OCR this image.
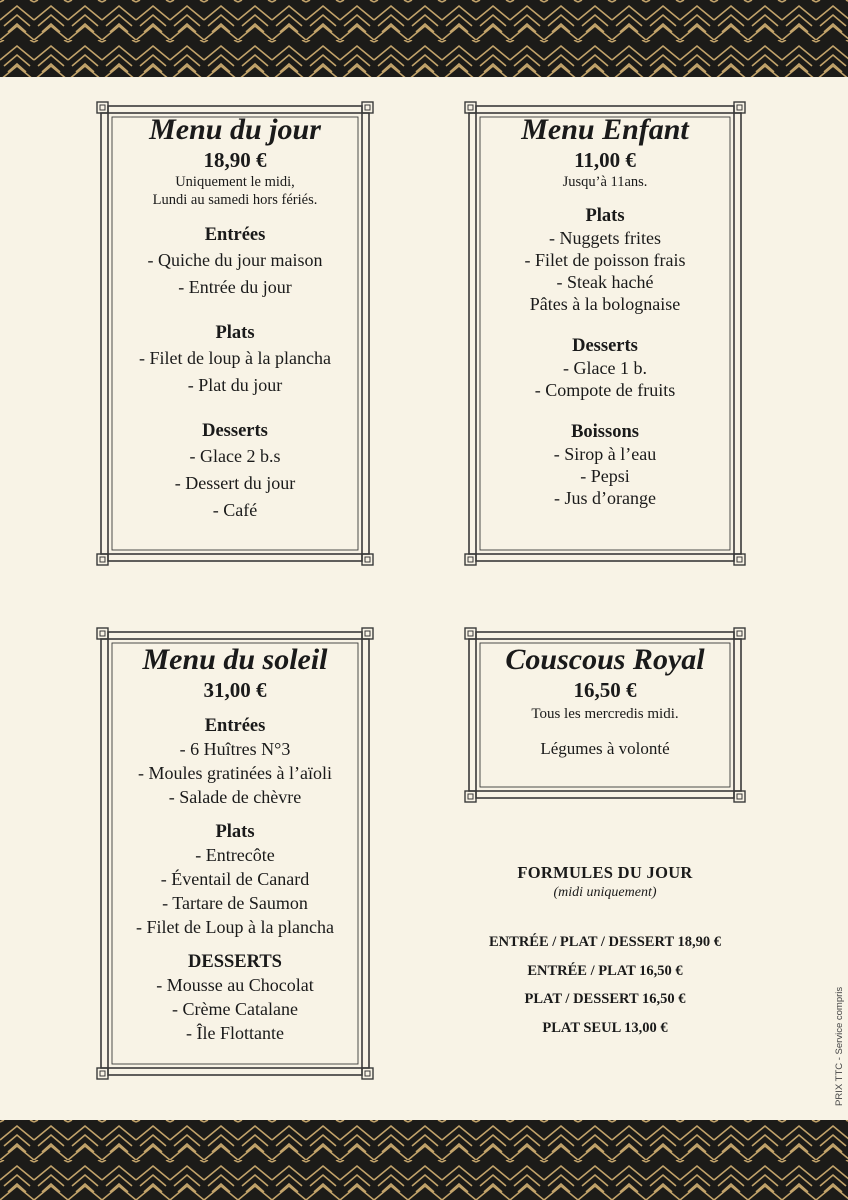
Menu du jour
18,90 €
Uniquement le midi,
Lundi au samedi hors fériés.
Entrées
- Quiche du jour maison
- Entrée du jour
Plats
- Filet de loup à la plancha
- Plat du jour
Desserts
- Glace 2 b.s
- Dessert du jour
- Café
Menu Enfant
11,00 €
Jusqu’à 11ans.
Plats
- Nuggets frites
- Filet de poisson frais
- Steak haché
Pâtes à la bolognaise
Desserts
- Glace 1 b.
- Compote de fruits
Boissons
- Sirop à l’eau
- Pepsi
- Jus d’orange
Menu du soleil
31,00 €
Entrées
- 6 Huîtres N°3
- Moules gratinées à l’aïoli
- Salade de chèvre
Plats
- Entrecôte
- Éventail de Canard
- Tartare de Saumon
- Filet de Loup à la plancha
DESSERTS
- Mousse au Chocolat
- Crème Catalane
- Île Flottante
Couscous Royal
16,50 €
Tous les mercredis midi.
Légumes à volonté
FORMULES DU JOUR
(midi uniquement)
ENTRÉE / PLAT / DESSERT 18,90 €
ENTRÉE / PLAT 16,50 €
PLAT / DESSERT 16,50 €
PLAT SEUL 13,00 €	PRIX TTC - Service compris
